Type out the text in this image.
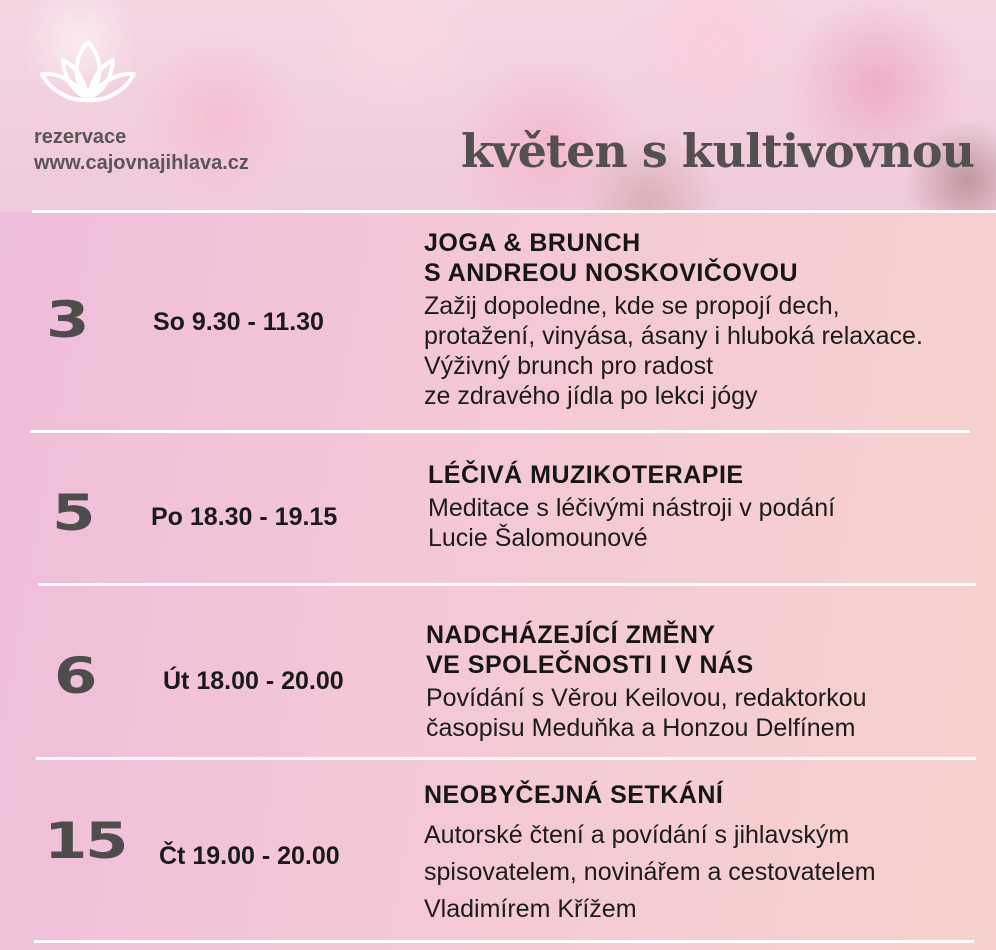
rezervace
www.cajovnajihlava.cz	květen s kultivovnou
3	So 9.30 - 11.30
JOGA & BRUNCH
S ANDREOU NOSKOVIČOVOU
Zažij dopoledne, kde se propojí dech,
protažení, vinyása, ásany i hluboká relaxace.
Výživný brunch pro radost
ze zdravého jídla po lekci jógy
5 Po 18.30 - 19.15
LÉČIVÁ MUZIKOTERAPIE
Meditace s léčivými nástroji v podání
Lucie Šalomounové
6	Út 18.00 - 20.00
NADCHÁZEJÍCÍ ZMĚNY
VE SPOLEČNOSTI I V NÁS
Povídání s Věrou Keilovou, redaktorkou
časopisu Meduňka a Honzou Delfínem
15 Čt 19.00 - 20.00
NEOBYČEJNÁ SETKÁNÍ
Autorské čtení a povídání s jihlavským
spisovatelem, novinářem a cestovatelem
Vladimírem Křížem
